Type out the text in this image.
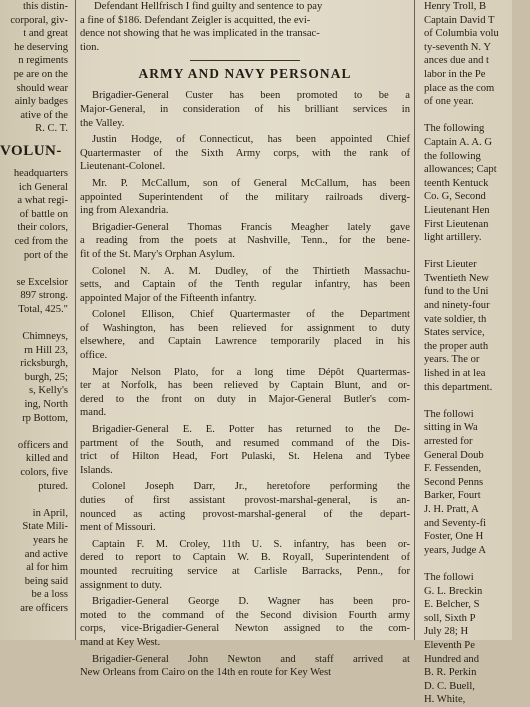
this distin-
corporal, giv-
t and great
he deserving
n regiments
pe are on the
should wear
ainly badges
ative of the
R. C. T.
VOLUN-
headquarters
ich General
a what regi-
of battle on
their colors,
ced from the
port of the

se Excelsior
897 strong.
Total, 425."

Chimneys,
rn Hill 23,
ricksburgh,
burgh, 25;
s, Kelly's
ing, North
rp Bottom,

officers and
killed and
colors, five
ptured.

in April,
State Mili-
years he
and active
al for him
being said
be a loss
are officers
Defendant Hellfrisch I find guilty and sentence to pay
a fine of $186. Defendant Zeigler is acquitted, the evi-
dence not showing that he was implicated in the transac-
tion.
ARMY AND NAVY PERSONAL
Brigadier-General Custer has been promoted to be a
Major-General, in consideration of his brilliant services in
the Valley.
Justin Hodge, of Connecticut, has been appointed Chief
Quartermaster of the Sixth Army corps, with the rank of
Lieutenant-Colonel.
Mr. P. McCallum, son of General McCallum, has been
appointed Superintendent of the military railroads diverg-
ing from Alexandria.
Brigadier-General Thomas Francis Meagher lately gave
a reading from the poets at Nashville, Tenn., for the bene-
fit of the St. Mary's Orphan Asylum.
Colonel N. A. M. Dudley, of the Thirtieth Massachu-
setts, and Captain of the Tenth regular infantry, has been
appointed Major of the Fifteenth infantry.
Colonel Ellison, Chief Quartermaster of the Department
of Washington, has been relieved for assignment to duty
elsewhere, and Captain Lawrence temporarily placed in his
office.
Major Nelson Plato, for a long time Dépôt Quartermas-
ter at Norfolk, has been relieved by Captain Blunt, and or-
dered to the front on duty in Major-General Butler's com-
mand.
Brigadier-General E. E. Potter has returned to the De-
partment of the South, and resumed command of the Dis-
trict of Hilton Head, Fort Pulaski, St. Helena and Tybee
Islands.
Colonel Joseph Darr, Jr., heretofore performing the
duties of first assistant provost-marshal-general, is an-
nounced as acting provost-marshal-general of the depart-
ment of Missouri.
Captain F. M. Croley, 11th U. S. infantry, has been or-
dered to report to Captain W. B. Royall, Superintendent of
mounted recruiting service at Carlisle Barracks, Penn., for
assignment to duty.
Brigadier-General George D. Wagner has been pro-
moted to the command of the Second division Fourth army
corps, vice-Brigadier-General Newton assigned to the com-
mand at Key West.
Brigadier-General John Newton and staff arrived at
New Orleans from Cairo on the 14th en route for Key West
Henry Troll, B
Captain David T
of Columbia volu
ty-seventh N. Y
ances due and t
labor in the Pe
place as the com
of one year.

The following
Captain A. A. G
the following
allowances; Capt
teenth Kentuck
Co. G, Second
Lieutenant Hen
First Lieutenan
light artillery.

First Lieuter
Twentieth New
fund to the Uni
and ninety-four
vate soldier, th
States service,
the proper auth
years. The or
lished in at lea
this department.

The followi
sitting in Wa
arrested for
General Doub
F. Fessenden,
Second Penns
Barker, Fourt
J. H. Pratt, A
and Seventy-fi
Foster, One H
years, Judge A

The followi
G. L. Breckin
E. Belcher, S
soll, Sixth P
July 28; H
Eleventh Pe
Hundred and
B. R. Perkin
D. C. Buell,
H. White,
